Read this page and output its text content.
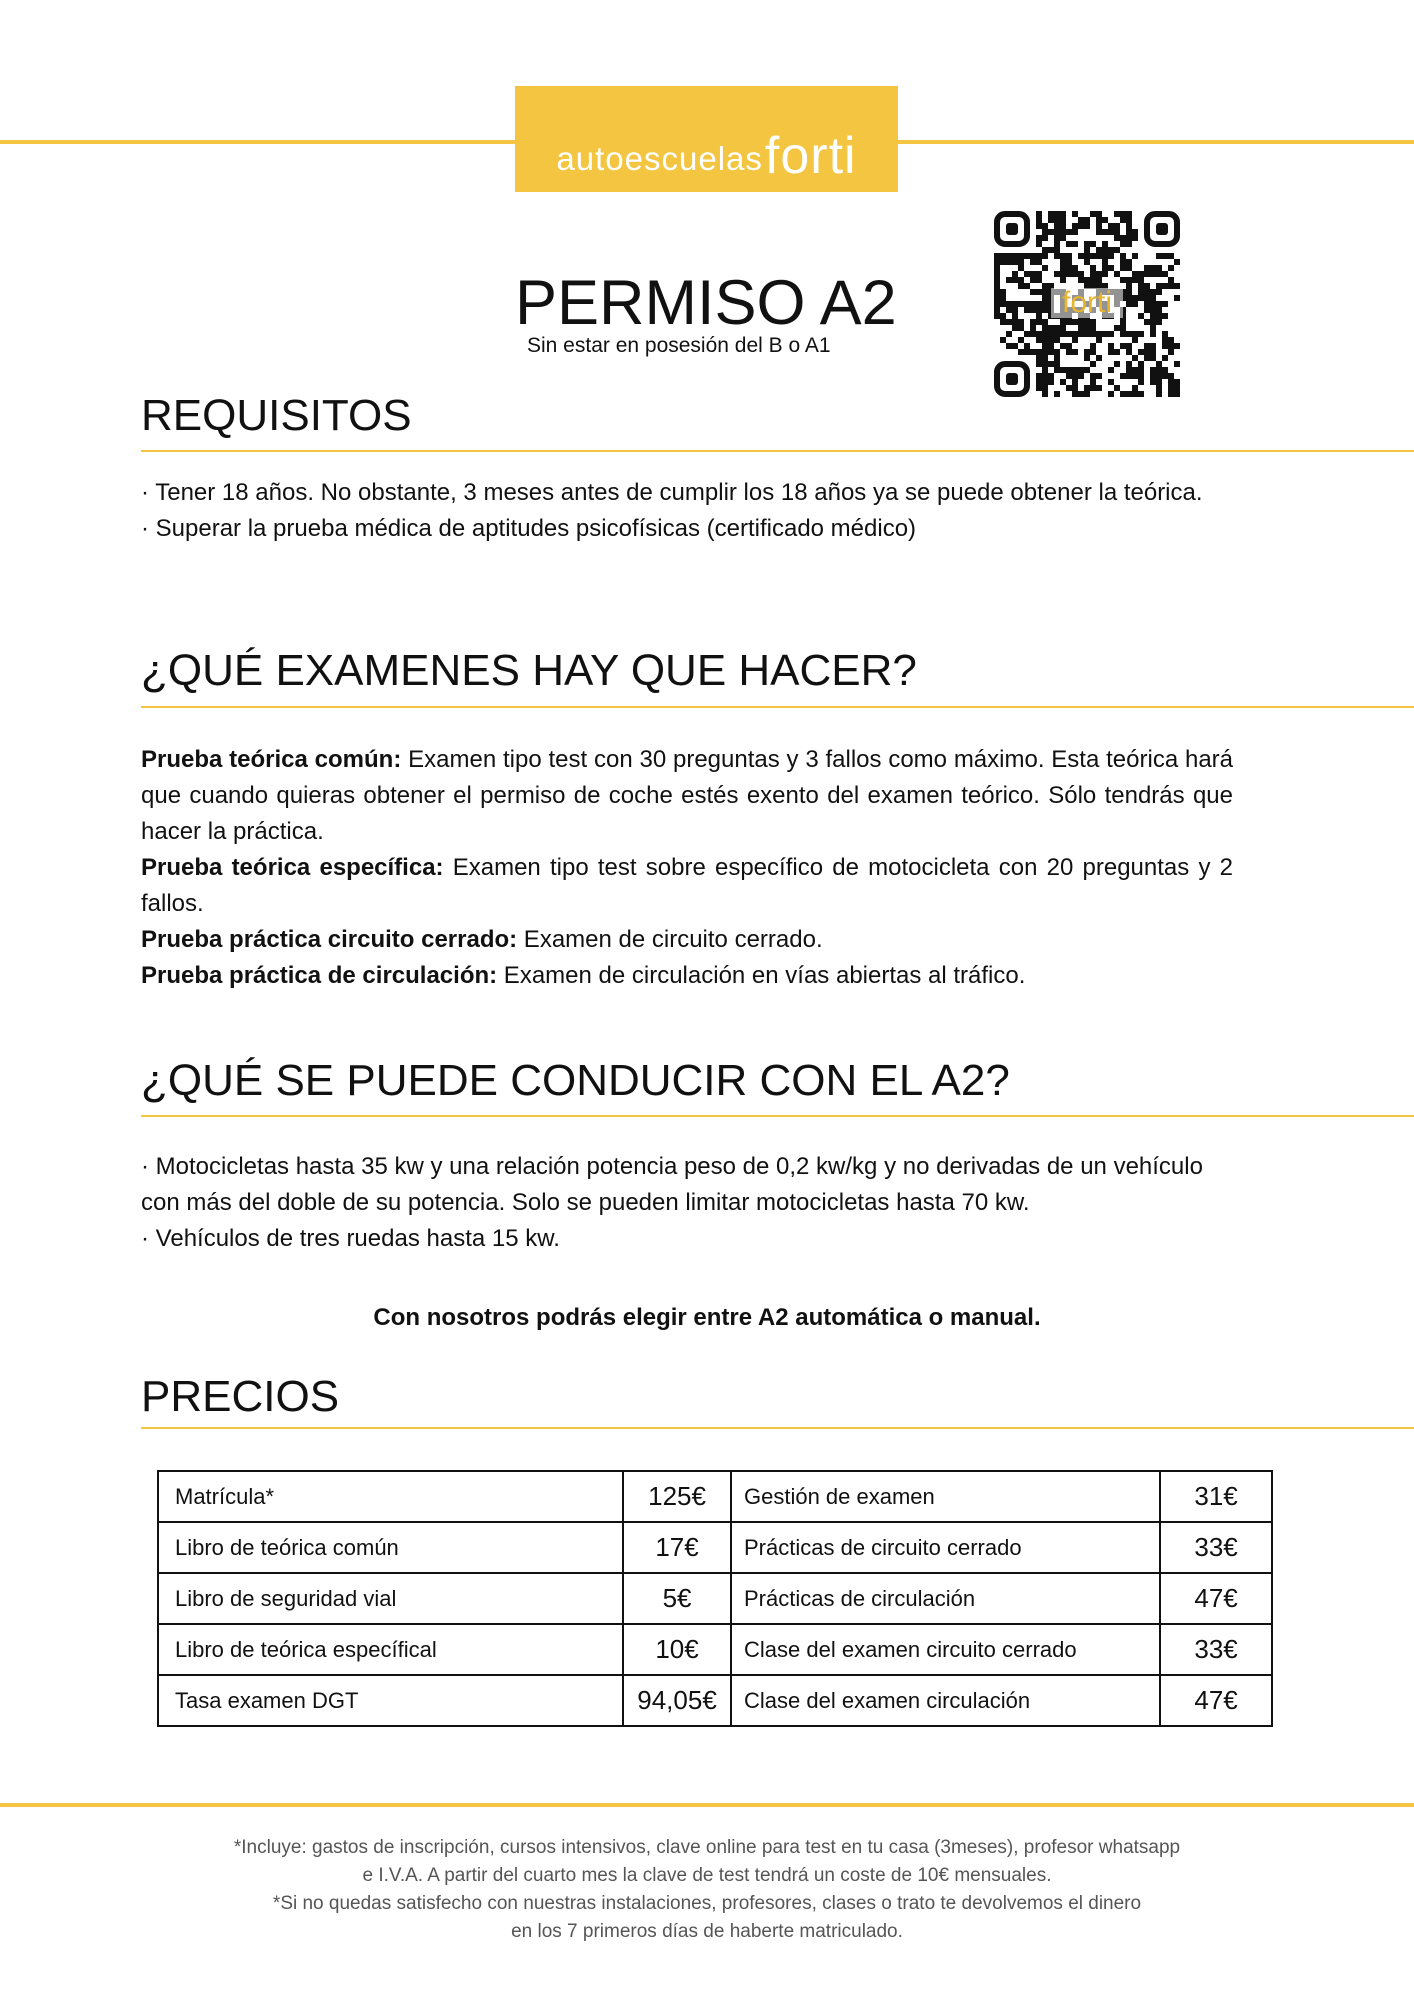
autoescuelas forti
forti
PERMISO A2
Sin estar en posesión del B o A1
REQUISITOS

· Tener 18 años. No obstante, 3 meses antes de cumplir los 18 años ya se puede obtener la teórica.

· Superar la prueba médica de aptitudes psicofísicas (certificado médico)

¿QUÉ EXAMENES HAY QUE HACER?

Prueba teórica común: Examen tipo test con 30 preguntas y 3 fallos como máximo. Esta teórica hará que cuando quieras obtener el permiso de coche estés exento del examen teórico. Sólo tendrás que hacer la práctica.

Prueba teórica específica: Examen tipo test sobre específico de motocicleta con 20 preguntas y 2 fallos.

Prueba práctica circuito cerrado: Examen de circuito cerrado.

Prueba práctica de circulación: Examen de circulación en vías abiertas al tráfico.

¿QUÉ SE PUEDE CONDUCIR CON EL A2?

· Motocicletas hasta 35 kw y una relación potencia peso de 0,2 kw/kg y no derivadas de un vehículo con más del doble de su potencia. Solo se pueden limitar motocicletas hasta 70 kw.

· Vehículos de tres ruedas hasta 15 kw.

Con nosotros podrás elegir entre A2 automática o manual.
PRECIOS
Matrícula*	125€	Gestión de examen	31€
Libro de teórica común	17€	Prácticas de circuito cerrado	33€
Libro de seguridad vial	5€	Prácticas de circulación	47€
Libro de teórica específical	10€	Clase del examen circuito cerrado	33€
Tasa examen DGT	94,05€	Clase del examen circulación	47€

*Incluye: gastos de inscripción, cursos intensivos, clave online para test en tu casa (3meses), profesor whatsapp

e I.V.A. A partir del cuarto mes la clave de test tendrá un coste de 10€ mensuales.

*Si no quedas satisfecho con nuestras instalaciones, profesores, clases o trato te devolvemos el dinero

en los 7 primeros días de haberte matriculado.
